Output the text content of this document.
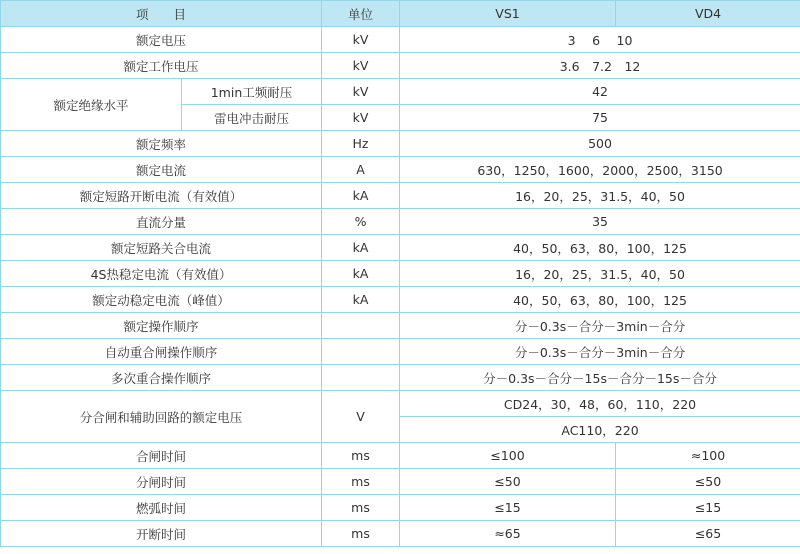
项　　目		单位	VS1	VD4
额定电压		kV	3　 6　 10	
额定工作电压		kV	3.6　7.2　12	
额定绝缘水平	1min工频耐压	kV	42	
	雷电冲击耐压	kV	75	
额定频率		Hz	500	
额定电流		A	630，1250，1600，2000，2500，3150	
额定短路开断电流（有效值）		kA	16，20，25，31.5，40，50	
直流分量		%	35	
额定短路关合电流		kA	40，50，63，80，100，125	
4S热稳定电流（有效值）		kA	16，20，25，31.5，40，50	
额定动稳定电流（峰值）		kA	40，50，63，80，100，125	
额定操作顺序			分－0.3s－合分－3min－合分	
自动重合闸操作顺序			分－0.3s－合分－3min－合分	
多次重合操作顺序			分－0.3s－合分－15s－合分－15s－合分	
分合闸和辅助回路的额定电压		V	CD24，30，48，60，110，220	
			AC110，220	
合闸时间		ms	≤100	≈100
分闸时间		ms	≤50	≤50
燃弧时间		ms	≤15	≤15
开断时间		ms	≈65	≤65
